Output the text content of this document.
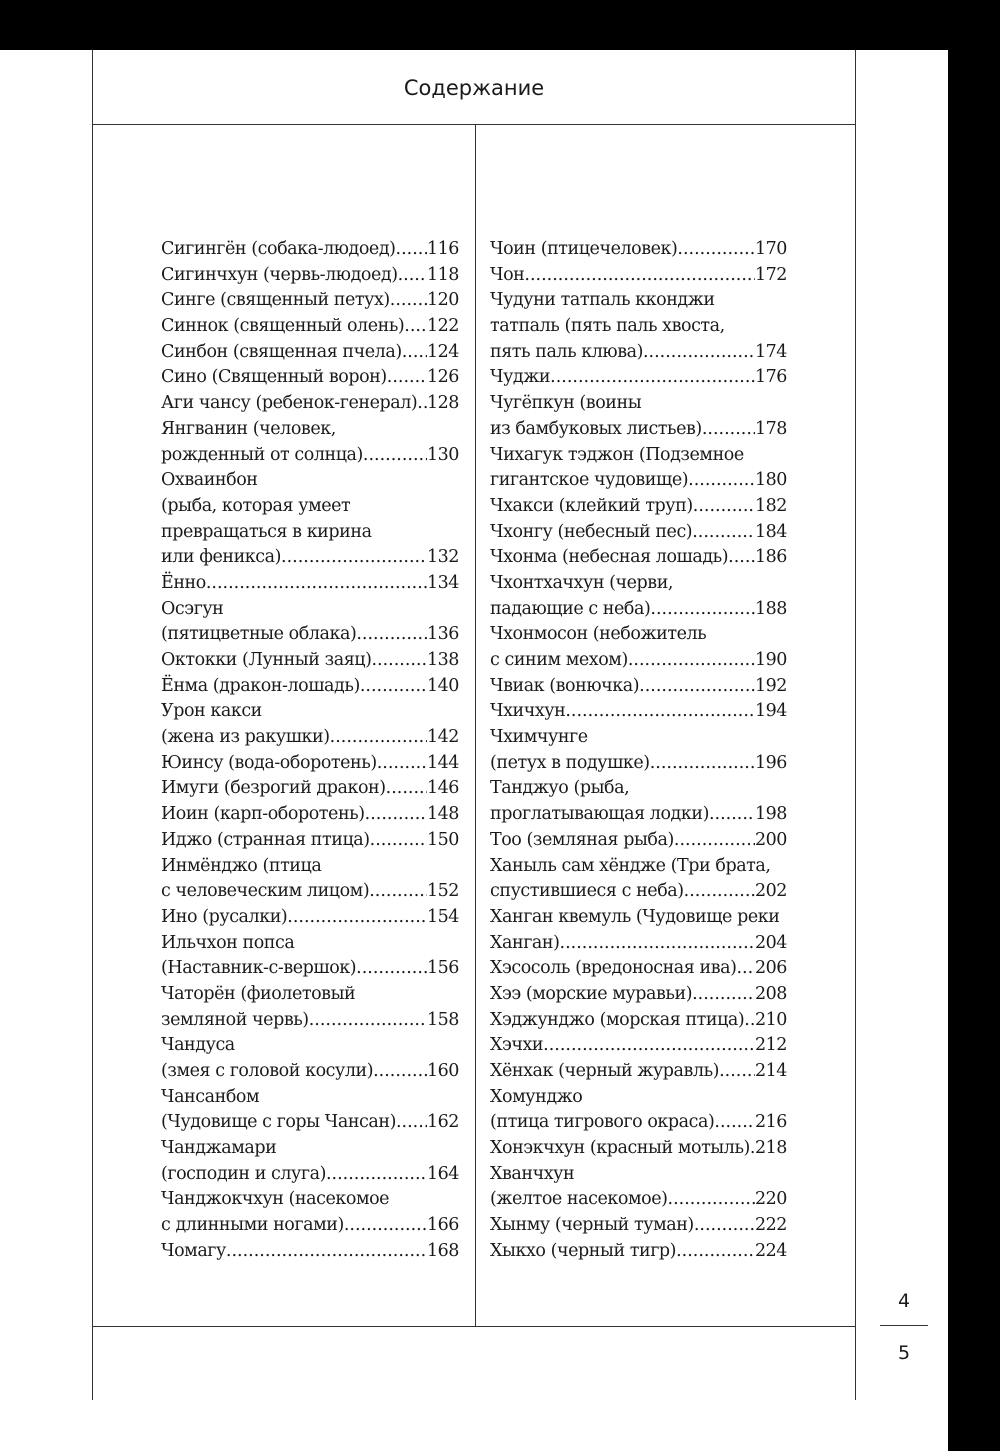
Содержание
Сигингён (собака-людоед) ..... 116
Сигинчхун (червь-людоед) ..... 118
Синге (священный петух) ..... 120
Синнок (священный олень) ..... 122
Синбон (священная пчела) ..... 124
Сино (Священный ворон) ..... 126
Аги чансу (ребенок-генерал) ..... 128
Янгванин (человек,
рожденный от солнца) .....	130
Охваинбон
(рыба, которая умеет
превращаться в кирина
или феникса) .....	132
Ённо .....	134
Осэгун
(пятицветные облака) .....	136
Октокки (Лунный заяц) .....	138
Ёнма (дракон-лошадь) .....	140
Урон какси
(жена из ракушки) .....	142
Юинсу (вода-оборотень) .....	144
Имуги (безрогий дракон) ..... 146
Иоин (карп-оборотень) .....	148
Иджо (странная птица) .....	150
Инмёнджо (птица
с человеческим лицом) .....	152
Ино (русалки) .....	154
Ильчхон попса
(Наставник-с-вершок) .....	156
Чаторён (фиолетовый
земляной червь) .....	158
Чандуса
(змея с головой косули) .....	160
Чансанбом
(Чудовище с горы Чансан) ..... 162
Чанджамари
(господин и слуга) .....	164
Чанджокчхун (насекомое
с длинными ногами) .....	166
Чомагу .....	168
Чоин (птицечеловек) .....	170
Чон .....	172
Чудуни татпаль кконджи
татпаль (пять паль хвоста,
пять паль клюва) .....	174
Чуджи .....	176
Чугёпкун (воины
из бамбуковых листьев) .....	178
Чихагук тэджон (Подземное
гигантское чудовище) .....	180
Чхакси (клейкий труп) .....	182
Чхонгу (небесный пес) .....	184
Чхонма (небесная лошадь) ..... 186
Чхонтхачхун (черви,
падающие с неба) .....	188
Чхонмосон (небожитель
с синим мехом) .....	190
Чвиак (вонючка) .....	192
Чхичхун .....	194
Чхимчунге
(петух в подушке) .....	196
Танджуо (рыба,
проглатывающая лодки) .....	198
Тоо (земляная рыба) .....	200
Ханыль сам хёндже (Три брата,
спустившиеся с неба) .....	202
Ханган квемуль (Чудовище реки
Ханган) .....	204
Хэсосоль (вредоносная ива) ..... 206
Хээ (морские муравьи) .....	208
Хэджунджо (морская птица) ..... 210
Хэчхи .....	212
Хёнхак (черный журавль) ..... 214
Хомунджо
(птица тигрового окраса) ..... 216
Хонэкчхун (красный мотыль) ..... 218
Хванчхун
(желтое насекомое) .....	220
Хынму (черный туман) .....	222
Хыкхо (черный тигр) .....	224
4
5
